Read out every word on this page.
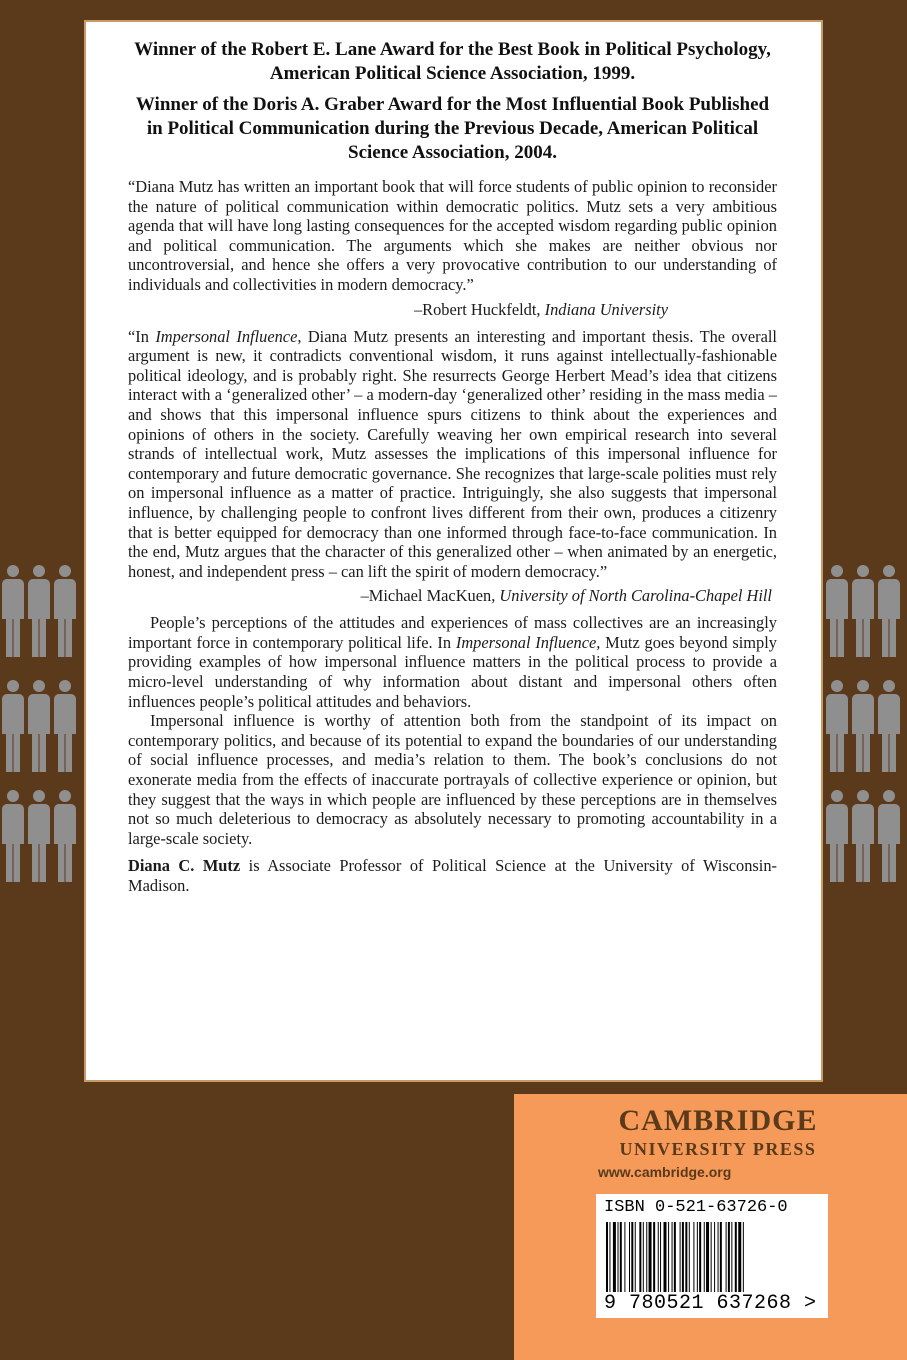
Winner of the Robert E. Lane Award for the Best Book in Political Psychology, American Political Science Association, 1999.
Winner of the Doris A. Graber Award for the Most Influential Book Published in Political Communication during the Previous Decade, American Political Science Association, 2004.

“Diana Mutz has written an important book that will force students of public opinion to reconsider the nature of political communication within democratic politics. Mutz sets a very ambitious agenda that will have long lasting consequences for the accepted wisdom regarding public opinion and political communication. The arguments which she makes are neither obvious nor uncontroversial, and hence she offers a very provocative contribution to our understanding of individuals and collectivities in modern democracy.”

–Robert Huckfeldt, Indiana University

“In Impersonal Influence, Diana Mutz presents an interesting and important thesis. The overall argument is new, it contradicts conventional wisdom, it runs against intellectually-fashionable political ideology, and is probably right. She resurrects George Herbert Mead’s idea that citizens interact with a ‘generalized other’ – a modern-day ‘generalized other’ residing in the mass media – and shows that this impersonal influence spurs citizens to think about the experiences and opinions of others in the society. Carefully weaving her own empirical research into several strands of intellectual work, Mutz assesses the implications of this impersonal influence for contemporary and future democratic governance. She recognizes that large-scale polities must rely on impersonal influence as a matter of practice. Intriguingly, she also suggests that impersonal influence, by challenging people to confront lives different from their own, produces a citizenry that is better equipped for democracy than one informed through face-to-face communication. In the end, Mutz argues that the character of this generalized other – when animated by an energetic, honest, and independent press – can lift the spirit of modern democracy.”

–Michael MacKuen, University of North Carolina-Chapel Hill

People’s perceptions of the attitudes and experiences of mass collectives are an increasingly important force in contemporary political life. In Impersonal Influence, Mutz goes beyond simply providing examples of how impersonal influence matters in the political process to provide a micro-level understanding of why information about distant and impersonal others often influences people’s political attitudes and behaviors.

Impersonal influence is worthy of attention both from the standpoint of its impact on contemporary politics, and because of its potential to expand the boundaries of our understanding of social influence processes, and media’s relation to them. The book’s conclusions do not exonerate media from the effects of inaccurate portrayals of collective experience or opinion, but they suggest that the ways in which people are influenced by these perceptions are in themselves not so much deleterious to democracy as absolutely necessary to promoting accountability in a large-scale society.

Diana C. Mutz is Associate Professor of Political Science at the University of Wisconsin-Madison.

CAMBRIDGE
UNIVERSITY PRESS
www.cambridge.org
ISBN 0-521-63726-0
9 780521 637268 >
